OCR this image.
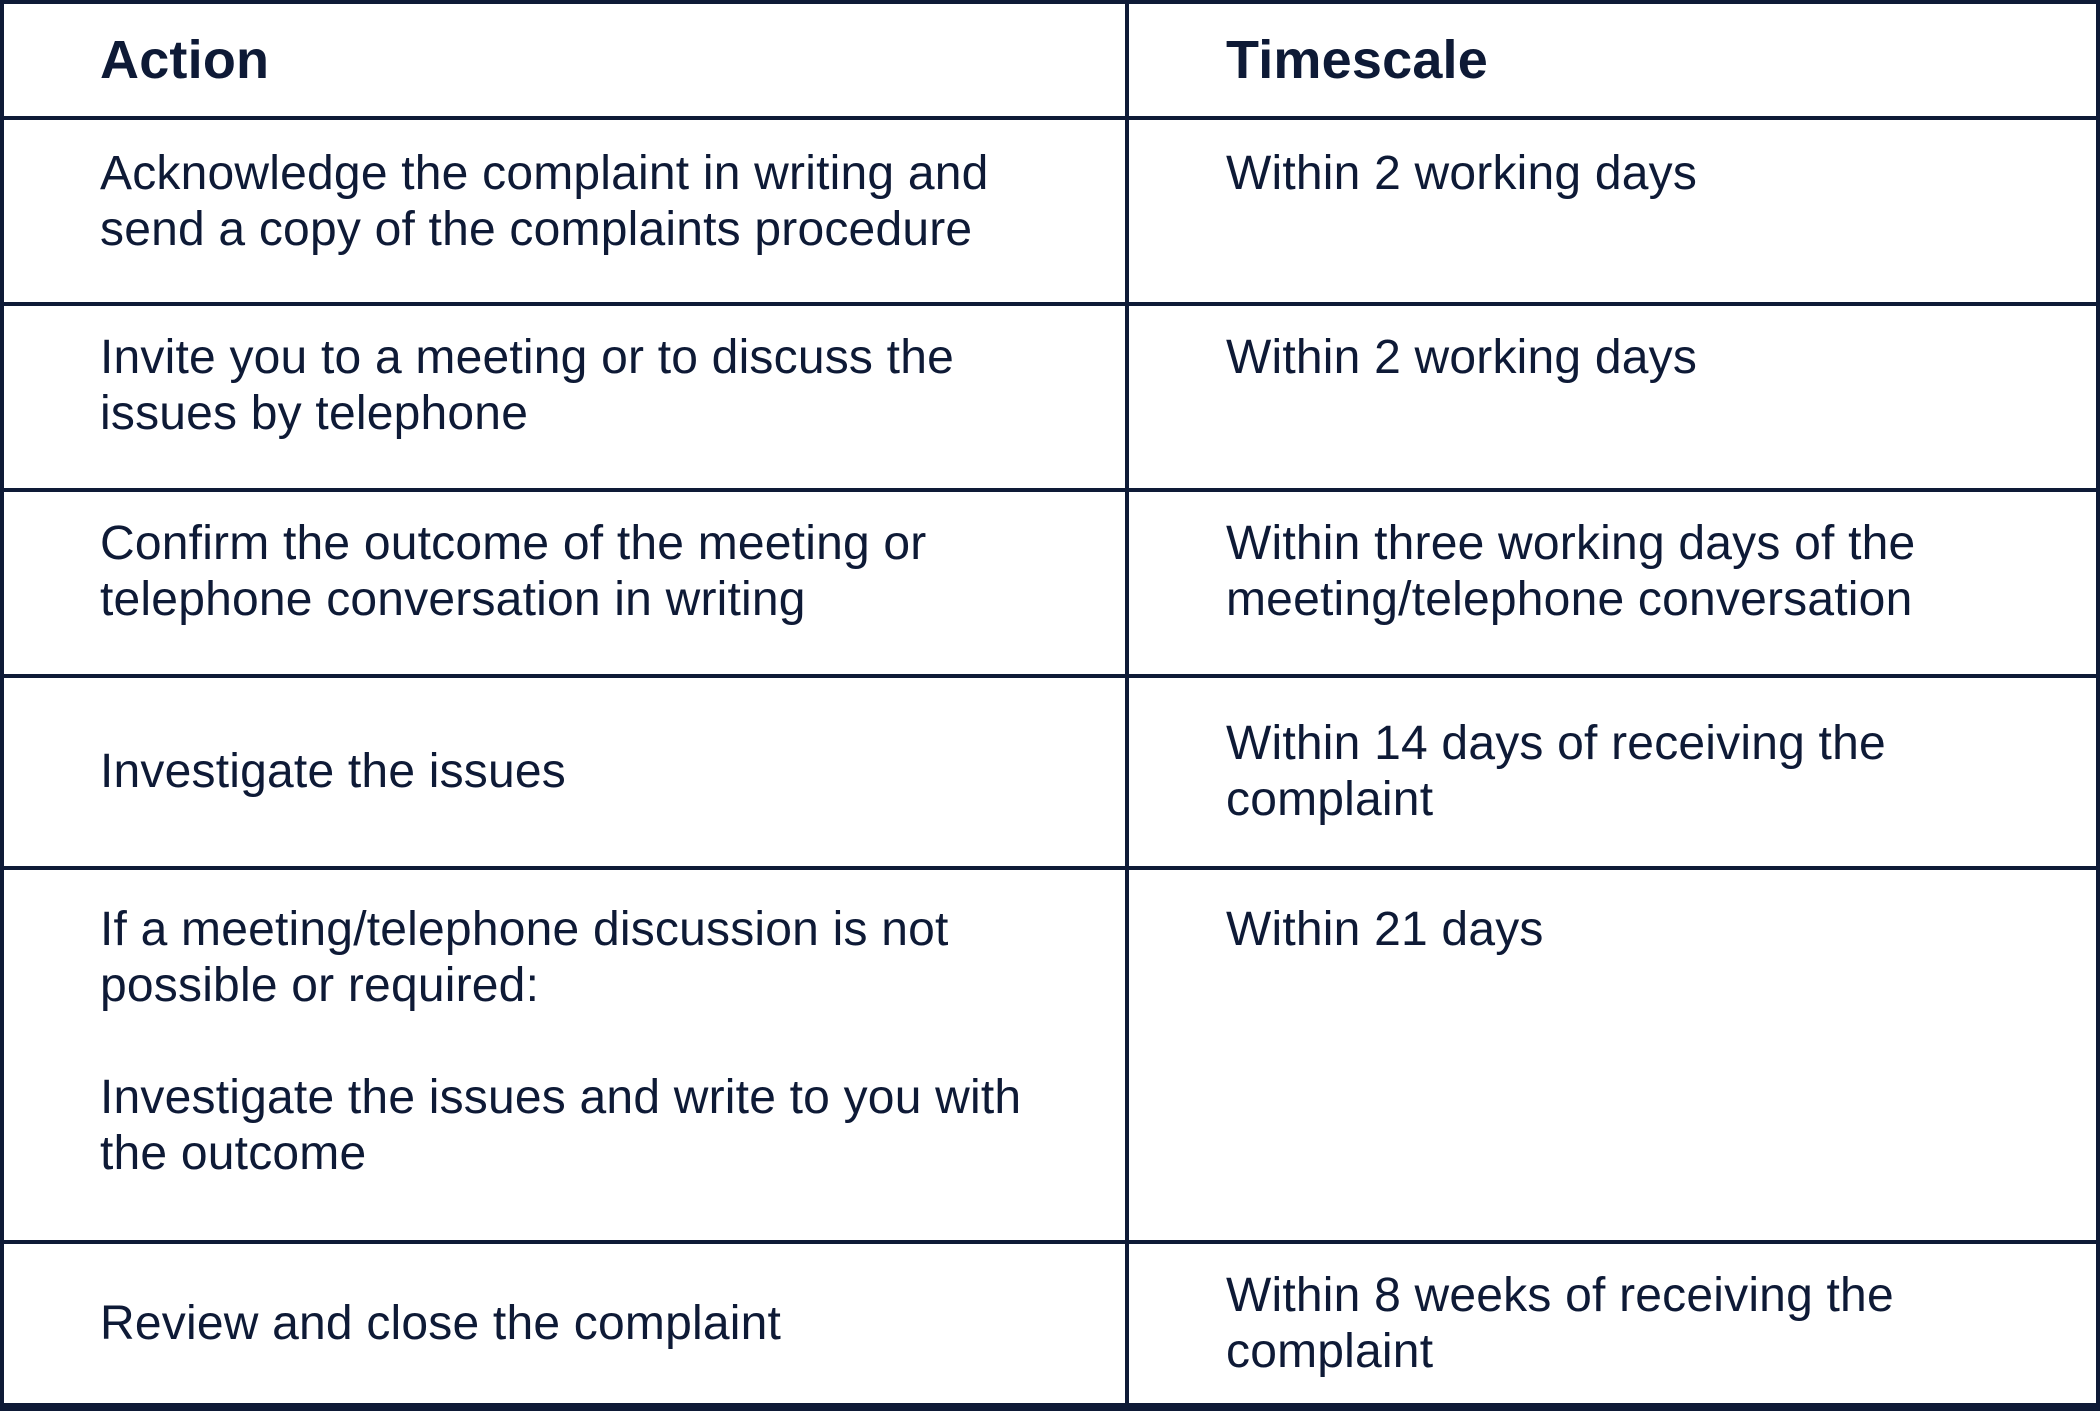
Action	Timescale
Acknowledge the complaint in writing and
send a copy of the complaints procedure
Within 2 working days
Invite you to a meeting or to discuss the
issues by telephone
Within 2 working days
Confirm the outcome of the meeting or
telephone conversation in writing
Within three working days of the
meeting/telephone conversation
Investigate the issues
Within 14 days of receiving the
complaint
If a meeting/telephone discussion is not
possible or required:

Investigate the issues and write to you with
the outcome
Within 21 days
Review and close the complaint
Within 8 weeks of receiving the
complaint
